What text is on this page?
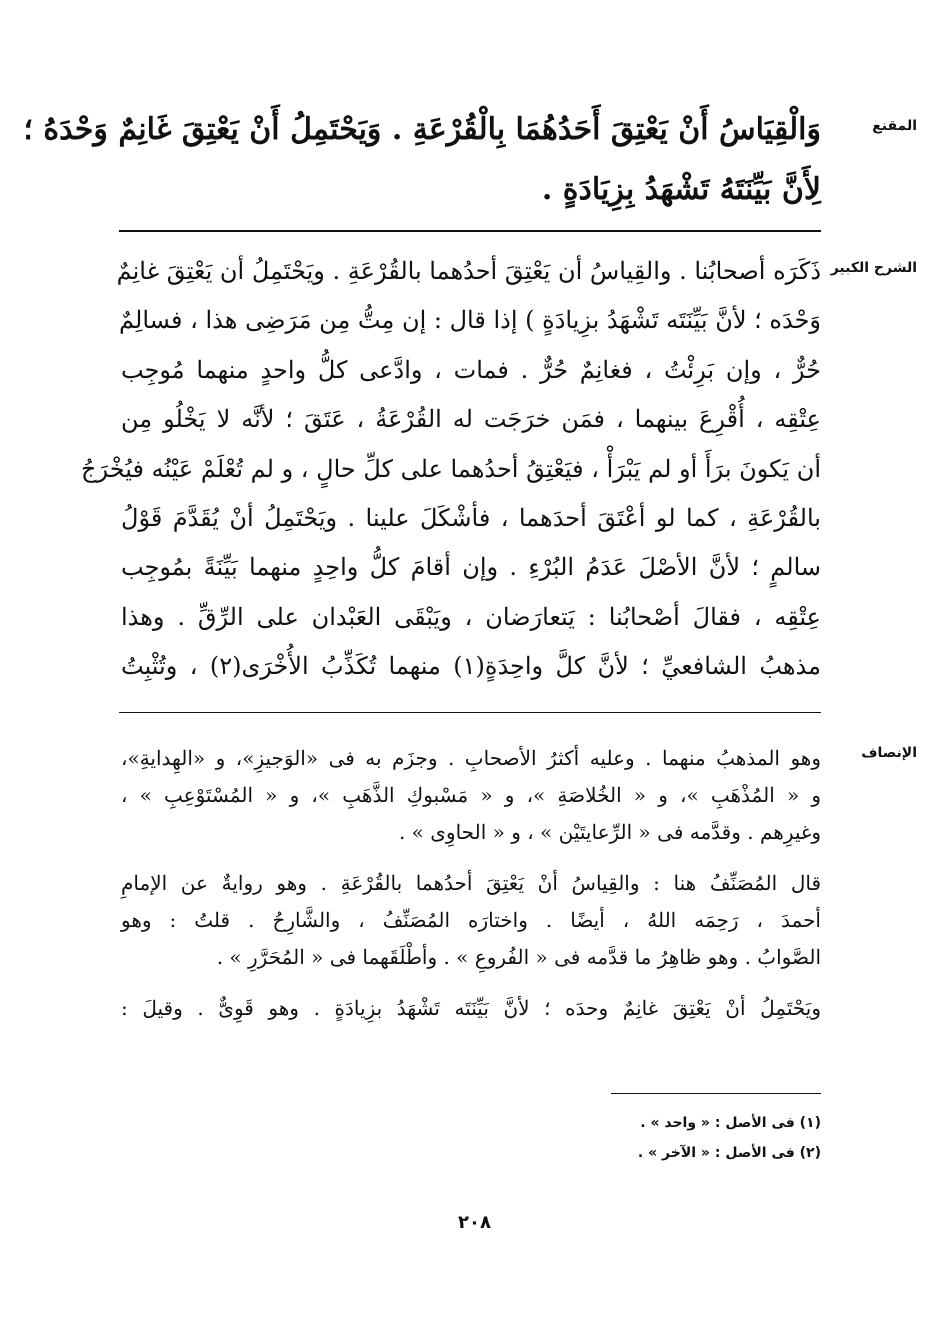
المقنع
وَالْقِيَاسُ أَنْ يَعْتِقَ أَحَدُهُمَا بِالْقُرْعَةِ . وَيَحْتَمِلُ أَنْ يَعْتِقَ غَانِمٌ وَحْدَهُ ؛
لِأَنَّ بَيِّنَتَهُ تَشْهَدُ بِزِيَادَةٍ .
الشرح الكبير
ذَكَرَه أصحابُنا . والقِياسُ أن يَعْتِقَ أحدُهما بالقُرْعَةِ . ويَحْتَمِلُ أن يَعْتِقَ غانِمٌ
وَحْدَه ؛ لأنَّ بَيِّنَتَه تَشْهَدُ بزِيادَةٍ ) إذا قال : إن مِتُّ مِن مَرَضِى هذا ، فسالِمٌ
حُرٌّ ، وإن بَرِئْتُ ، فغانِمٌ حُرٌّ . فمات ، وادَّعى كلُّ واحدٍ منهما مُوجِب
عِتْقِه ، أُقْرِعَ بينهما ، فمَن خرَجَت له القُرْعَةُ ، عَتَقَ ؛ لأنَّه لا يَخْلُو مِن
أن يَكونَ برَأَ أو لم يَبْرَأْ ، فيَعْتِقُ أحدُهما على كلِّ حالٍ ، و لم تُعْلَمْ عَيْنُه فيُخْرَجُ
بالقُرْعَةِ ، كما لو أعْتَقَ أحدَهما ، فأشْكَلَ علينا . ويَحْتَمِلُ أنْ يُقَدَّمَ قَوْلُ
سالمٍ ؛ لأنَّ الأصْلَ عَدَمُ البُرْءِ . وإن أقامَ كلُّ واحِدٍ منهما بَيِّنَةً بمُوجِب
عِتْقِه ، فقالَ أصْحابُنا : يَتعارَضان ، ويَبْقَى العَبْدان على الرِّقِّ . وهذا
مذهبُ الشافعيِّ ؛ لأنَّ كلَّ واحِدَةٍ(١) منهما تُكَذِّبُ الأُخْرَى(٢) ، وتُثْبِتُ
الإنصاف
وهو المذهبُ منهما . وعليه أكثرُ الأصحابِ . وجزَم به فى «الوَجيزِ»، و «الهِدايةِ»،
و « المُذْهَبِ »، و « الخُلاصَةِ »، و « مَسْبوكِ الذَّهَبِ »، و « المُسْتَوْعِبِ » ،
وغيرِهم . وقدَّمه فى « الرِّعايتَيْن » ، و « الحاوِى » .
قال المُصَنِّفُ هنا : والقِياسُ أنْ يَعْتِقَ أحدُهما بالقُرْعَةِ . وهو روايةٌ عن الإمامِ
أحمدَ ، رَحِمَه اللهُ ، أيضًا . واختارَه المُصَنِّفُ ، والشَّارِحُ . قلتُ : وهو
الصَّوابُ . وهو ظاهِرُ ما قدَّمه فى « الفُروعِ » . وأطْلَقَهما فى « المُحَرَّرِ » .
ويَحْتَمِلُ أنْ يَعْتِقَ غانِمٌ وحدَه ؛ لأنَّ بَيِّنَتَه تَشْهَدُ بزِيادَةٍ . وهو قَوِىٌّ . وقيلَ :
(١) فى الأصل : « واحد » .
(٢) فى الأصل : « الآخر » .
٢٠٨
